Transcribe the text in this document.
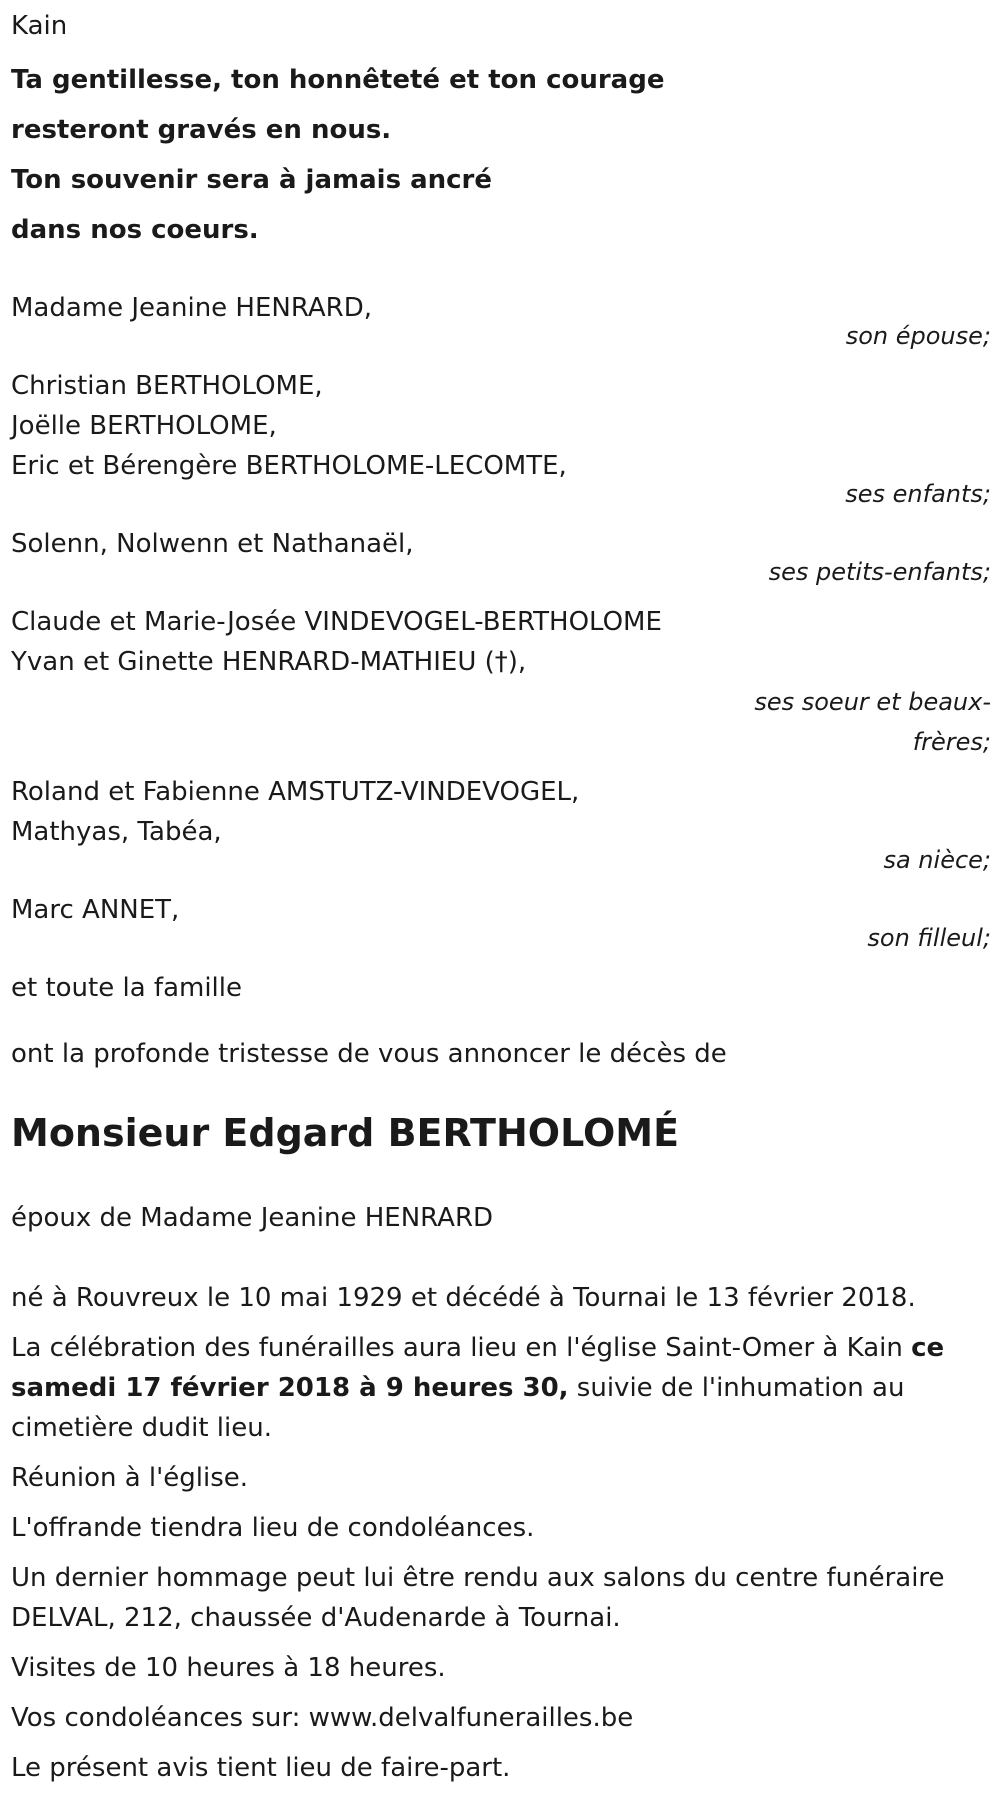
Kain
Ta gentillesse, ton honnêteté et ton courage
resteront gravés en nous.
Ton souvenir sera à jamais ancré
dans nos coeurs.
Madame Jeanine HENRARD,
son épouse;
Christian BERTHOLOME,
Joëlle BERTHOLOME,
Eric et Bérengère BERTHOLOME-LECOMTE,
ses enfants;
Solenn, Nolwenn et Nathanaël,
ses petits-enfants;
Claude et Marie-Josée VINDEVOGEL-BERTHOLOME
Yvan et Ginette HENRARD-MATHIEU (†),
ses soeur et beaux-frères;
Roland et Fabienne AMSTUTZ-VINDEVOGEL,
Mathyas, Tabéa,
sa nièce;
Marc ANNET,
son filleul;
et toute la famille
ont la profonde tristesse de vous annoncer le décès de
Monsieur Edgard BERTHOLOMÉ
époux de Madame Jeanine HENRARD

né à Rouvreux le 10 mai 1929 et décédé à Tournai le 13 février 2018.

La célébration des funérailles aura lieu en l'église Saint-Omer à Kain ce samedi 17 février 2018 à 9 heures 30, suivie de l'inhumation au cimetière dudit lieu.

Réunion à l'église.

L'offrande tiendra lieu de condoléances.

Un dernier hommage peut lui être rendu aux salons du centre funéraire DELVAL, 212, chaussée d'Audenarde à Tournai.

Visites de 10 heures à 18 heures.

Vos condoléances sur: www.delvalfunerailles.be

Le présent avis tient lieu de faire-part.
